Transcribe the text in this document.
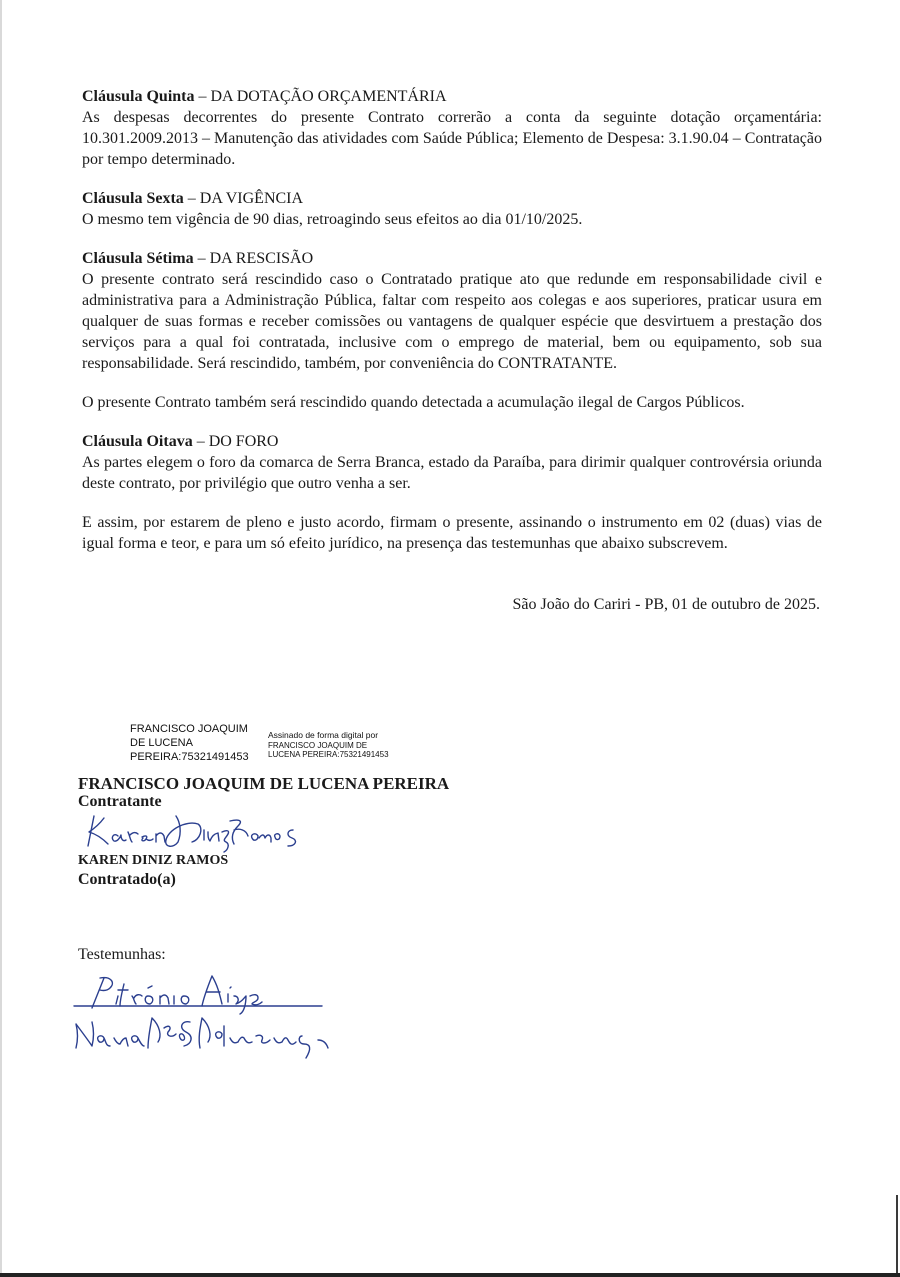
Cláusula Quinta – DA DOTAÇÃO ORÇAMENTÁRIA

As despesas decorrentes do presente Contrato correrão a conta da seguinte dotação orçamentária: 10.301.2009.2013 – Manutenção das atividades com Saúde Pública; Elemento de Despesa: 3.1.90.04 – Contratação por tempo determinado.

Cláusula Sexta – DA VIGÊNCIA

O mesmo tem vigência de 90 dias, retroagindo seus efeitos ao dia 01/10/2025.

Cláusula Sétima – DA RESCISÃO

O presente contrato será rescindido caso o Contratado pratique ato que redunde em responsabilidade civil e administrativa para a Administração Pública, faltar com respeito aos colegas e aos superiores, praticar usura em qualquer de suas formas e receber comissões ou vantagens de qualquer espécie que desvirtuem a prestação dos serviços para a qual foi contratada, inclusive com o emprego de material, bem ou equipamento, sob sua responsabilidade. Será rescindido, também, por conveniência do CONTRATANTE.

O presente Contrato também será rescindido quando detectada a acumulação ilegal de Cargos Públicos.

Cláusula Oitava – DO FORO

As partes elegem o foro da comarca de Serra Branca, estado da Paraíba, para dirimir qualquer controvérsia oriunda deste contrato, por privilégio que outro venha a ser.

E assim, por estarem de pleno e justo acordo, firmam o presente, assinando o instrumento em 02 (duas) vias de igual forma e teor, e para um só efeito jurídico, na presença das testemunhas que abaixo subscrevem.

São João do Cariri - PB, 01 de outubro de 2025.
FRANCISCO JOAQUIM
DE LUCENA
PEREIRA:75321491453
Assinado de forma digital por
FRANCISCO JOAQUIM DE
LUCENA PEREIRA:75321491453
FRANCISCO JOAQUIM DE LUCENA PEREIRA
Contratante
KAREN DINIZ RAMOS
Contratado(a)
Testemunhas:
